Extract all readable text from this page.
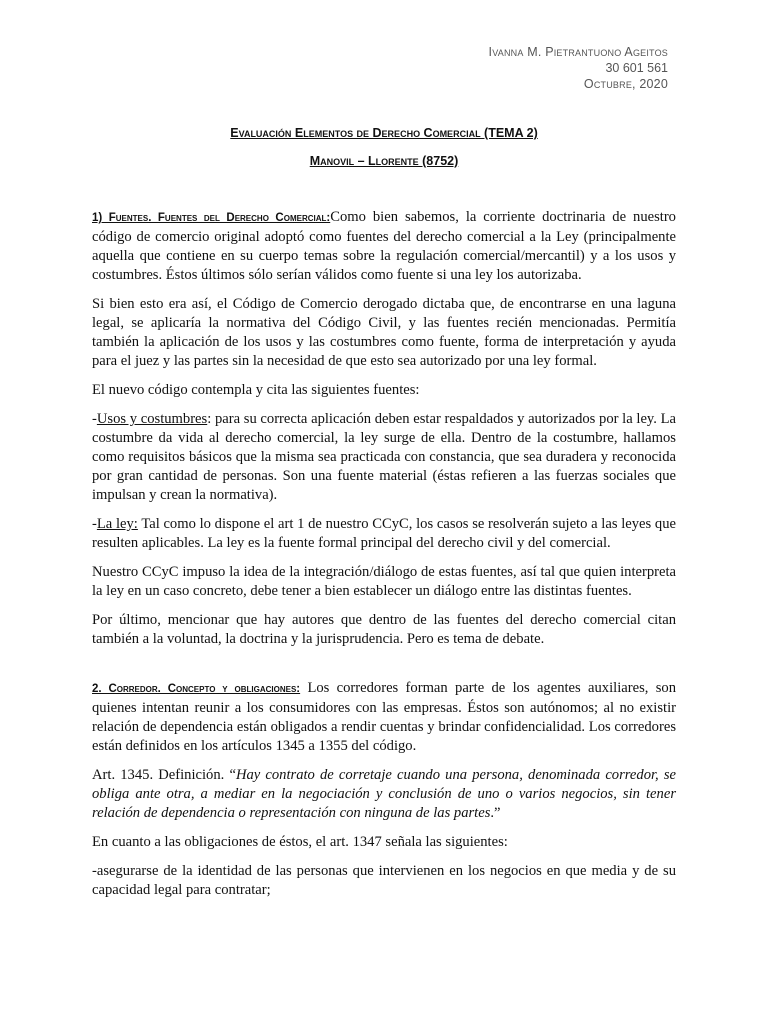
Ivanna M. Pietrantuono Ageitos
30 601 561
Octubre, 2020
Evaluación Elementos de Derecho Comercial (TEMA 2)
Manovil – Llorente (8752)

1) Fuentes. Fuentes del Derecho Comercial:Como bien sabemos, la corriente doctrinaria de nuestro código de comercio original adoptó como fuentes del derecho comercial a la Ley (principalmente aquella que contiene en su cuerpo temas sobre la regulación comercial/mercantil) y a los usos y costumbres. Éstos últimos sólo serían válidos como fuente si una ley los autorizaba.

Si bien esto era así, el Código de Comercio derogado dictaba que, de encontrarse en una laguna legal, se aplicaría la normativa del Código Civil, y las fuentes recién mencionadas. Permitía también la aplicación de los usos y las costumbres como fuente, forma de interpretación y ayuda para el juez y las partes sin la necesidad de que esto sea autorizado por una ley formal.

El nuevo código contempla y cita las siguientes fuentes:

-Usos y costumbres: para su correcta aplicación deben estar respaldados y autorizados por la ley. La costumbre da vida al derecho comercial, la ley surge de ella. Dentro de la costumbre, hallamos como requisitos básicos que la misma sea practicada con constancia, que sea duradera y reconocida por gran cantidad de personas. Son una fuente material (éstas refieren a las fuerzas sociales que impulsan y crean la normativa).

-La ley: Tal como lo dispone el art 1 de nuestro CCyC, los casos se resolverán sujeto a las leyes que resulten aplicables. La ley es la fuente formal principal del derecho civil y del comercial.

Nuestro CCyC impuso la idea de la integración/diálogo de estas fuentes, así tal que quien interpreta la ley en un caso concreto, debe tener a bien establecer un diálogo entre las distintas fuentes.

Por último, mencionar que hay autores que dentro de las fuentes del derecho comercial citan también a la voluntad, la doctrina y la jurisprudencia. Pero es tema de debate.

2. Corredor. Concepto y obligaciones: Los corredores forman parte de los agentes auxiliares, son quienes intentan reunir a los consumidores con las empresas. Éstos son autónomos; al no existir relación de dependencia están obligados a rendir cuentas y brindar confidencialidad. Los corredores están definidos en los artículos 1345 a 1355 del código.

Art. 1345. Definición. “Hay contrato de corretaje cuando una persona, denominada corredor, se obliga ante otra, a mediar en la negociación y conclusión de uno o varios negocios, sin tener relación de dependencia o representación con ninguna de las partes.”

En cuanto a las obligaciones de éstos, el art. 1347 señala las siguientes:

-asegurarse de la identidad de las personas que intervienen en los negocios en que media y de su capacidad legal para contratar;
